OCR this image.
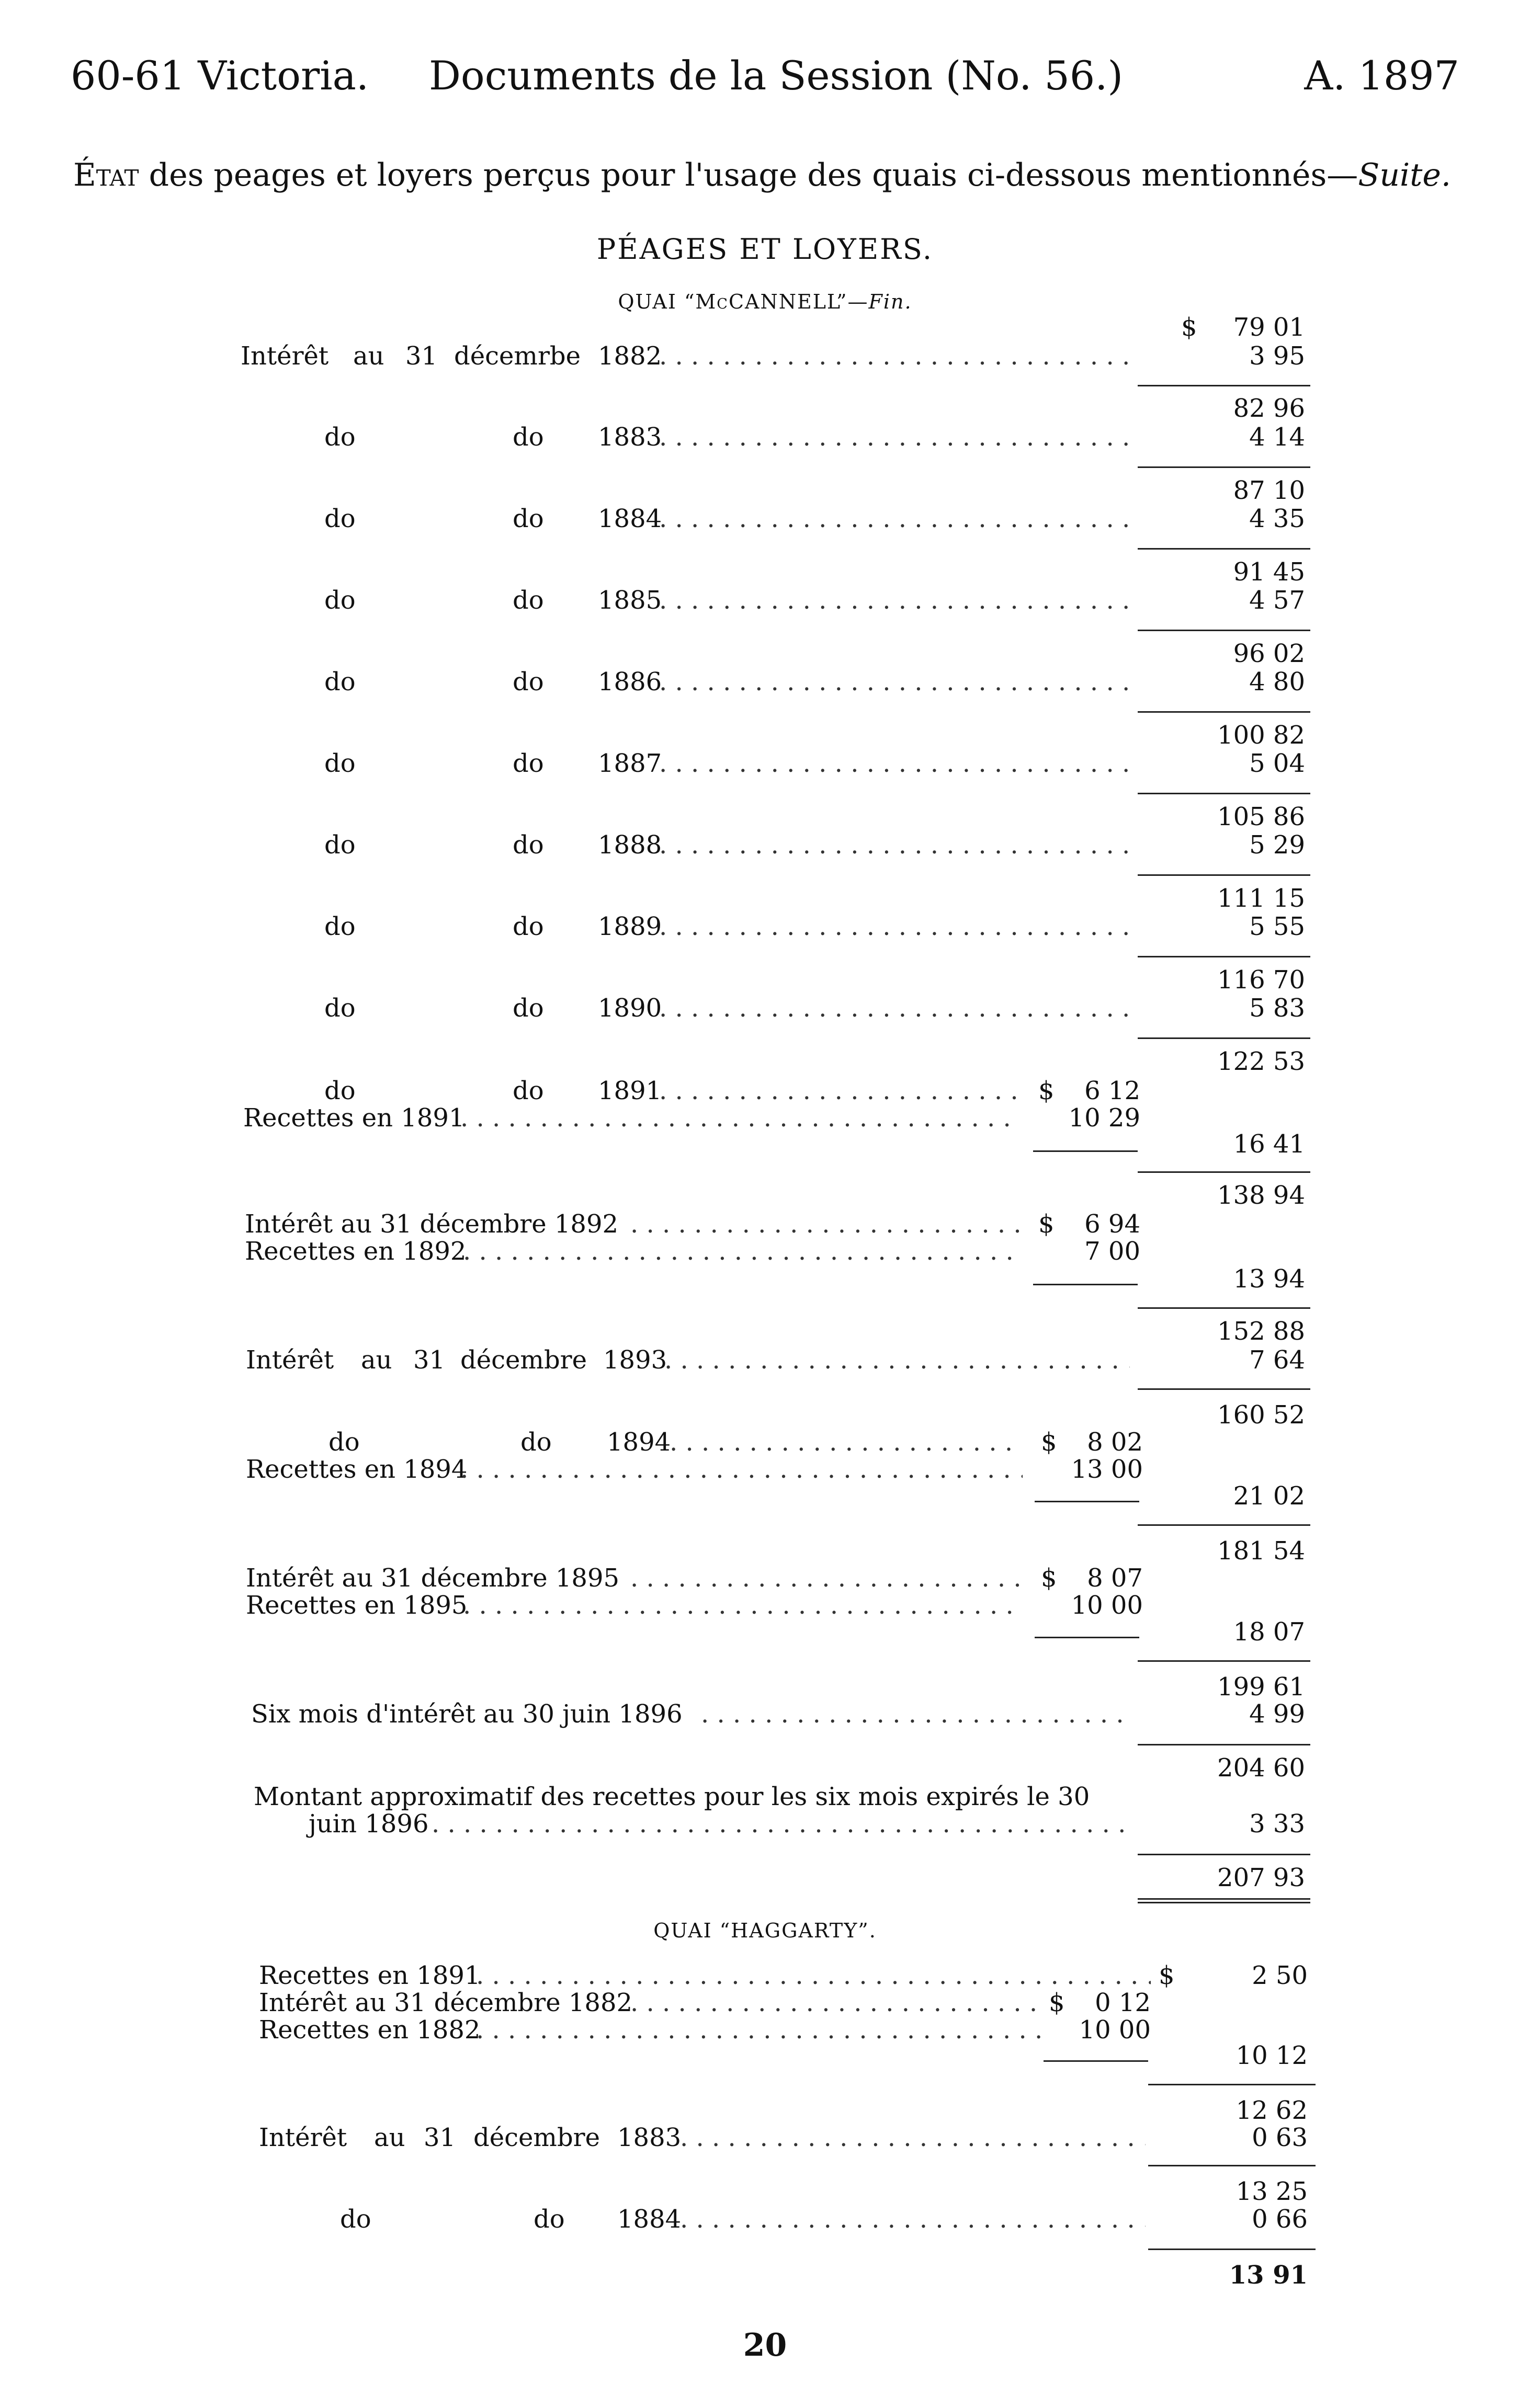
60-61 Victoria. Documents de la Session (No. 56.)	A. 1897
État des peages et loyers perçus pour l'usage des quais ci-dessous mentionnés—Suite.
PÉAGES ET LOYERS.
QUAI “McCANNELL”—Fin.
$	79 01
Intérêt au 31 décemrbe 1882 . . .	3 95
82 96
do	do 1883 . . .	4 14
87 10
do	do 1884 . . .	4 35
91 45
do	do 1885 . . .	4 57
96 02
do	do 1886 . . .	4 80
100 82
do	do 1887 . . .	5 04
105 86
do	do 1888 . . .	5 29
111 15
do	do 1889 . . .	5 55
116 70
do	do 1890 . . .	5 83
122 53
do	do 1891 . . .	$	6 12
Recettes en 1891 . . .	10 29
16 41
138 94
Intérêt au 31 décembre 1892 . . .	$	6 94
Recettes en 1892 . . .	7 00
13 94
152 88
Intérêt au 31 décembre 1893 . . .	7 64
160 52
do	do 1894 . . .	$	8 02
Recettes en 1894 . . .	13 00
21 02
181 54
Intérêt au 31 décembre 1895 . . .	$	8 07
Recettes en 1895 . . .	10 00
18 07
199 61
Six mois d'intérêt au 30 juin 1896 . . .	4 99
204 60
Montant approximatif des recettes pour les six mois expirés le 30
juin 1896 . . .	3 33
207 93
QUAI “HAGGARTY”.
Recettes en 1891 . . .	$	2 50
Intérêt au 31 décembre 1882 . . .	$	0 12
Recettes en 1882 . . .	10 00
10 12
12 62
Intérêt au 31 décembre 1883 . . .	0 63
13 25
do	do 1884 . . .	0 66
13 91
20
